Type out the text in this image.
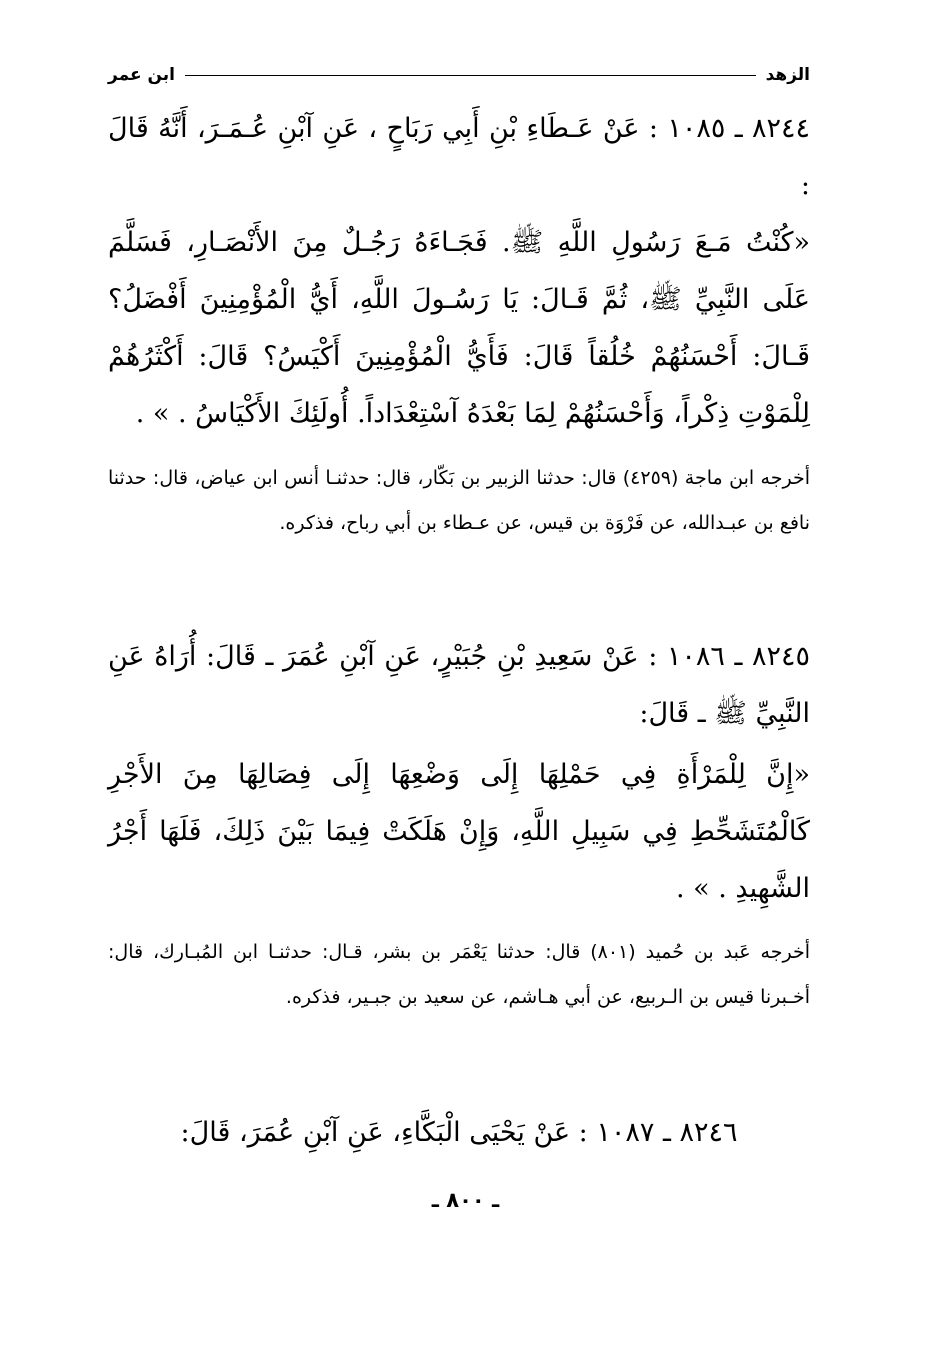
الزهد
ابن عمر
٨٢٤٤ ـ ١٠٨٥ : عَنْ عَـطَاءِ بْنِ أَبِي رَبَاحٍ ، عَنِ آبْنِ عُـمَـرَ، أَنَّهُ قَالَ :
«كُنْتُ مَـعَ رَسُولِ اللَّهِ ﷺ. فَجَـاءَهُ رَجُـلٌ مِنَ الأَنْصَـارِ، فَسَلَّمَ عَلَى النَّبِيِّ ﷺ، ثُمَّ قَـالَ: يَا رَسُـولَ اللَّهِ، أَيُّ الْمُؤْمِنِينَ أَفْضَلُ؟ قَـالَ: أَحْسَنُهُمْ خُلُقاً قَالَ: فَأَيُّ الْمُؤْمِنِينَ أَكْيَسُ؟ قَالَ: أَكْثَرُهُمْ لِلْمَوْتِ ذِكْراً، وَأَحْسَنُهُمْ لِمَا بَعْدَهُ آسْتِعْدَاداً. أُولَئِكَ الأَكْيَاسُ . » .
أخرجه ابن ماجة (٤٢٥٩) قال: حدثنا الزبير بن بَكّار، قال: حدثنـا أنس ابن عياض، قال: حدثنا نافع بن عبـدالله، عن فَرْوَة بن قيس، عن عـطاء بن أبي رباح، فذكره.
٨٢٤٥ ـ ١٠٨٦ : عَنْ سَعِيدِ بْنِ جُبَيْرٍ، عَنِ آبْنِ عُمَرَ ـ قَالَ: أُرَاهُ عَنِ النَّبِيِّ ﷺ ـ قَالَ:
«إِنَّ لِلْمَرْأَةِ فِي حَمْلِهَا إِلَى وَضْعِهَا إِلَى فِصَالِهَا مِنَ الأَجْرِ كَالْمُتَشَحِّطِ فِي سَبِيلِ اللَّهِ، وَإِنْ هَلَكَتْ فِيمَا بَيْنَ ذَلِكَ، فَلَهَا أَجْرُ الشَّهِيدِ . » .
أخرجه عَبد بن حُميد (٨٠١) قال: حدثنا يَعْمَر بن بشر، قـال: حدثنـا ابن المُبـارك، قال: أخـبرنا قيس بن الـربيع، عن أبي هـاشم، عن سعيد بن جبـير، فذكره.
٨٢٤٦ ـ ١٠٨٧ : عَنْ يَحْيَى الْبَكَّاءِ، عَنِ آبْنِ عُمَرَ، قَالَ:
ـ ٨٠٠ ـ
